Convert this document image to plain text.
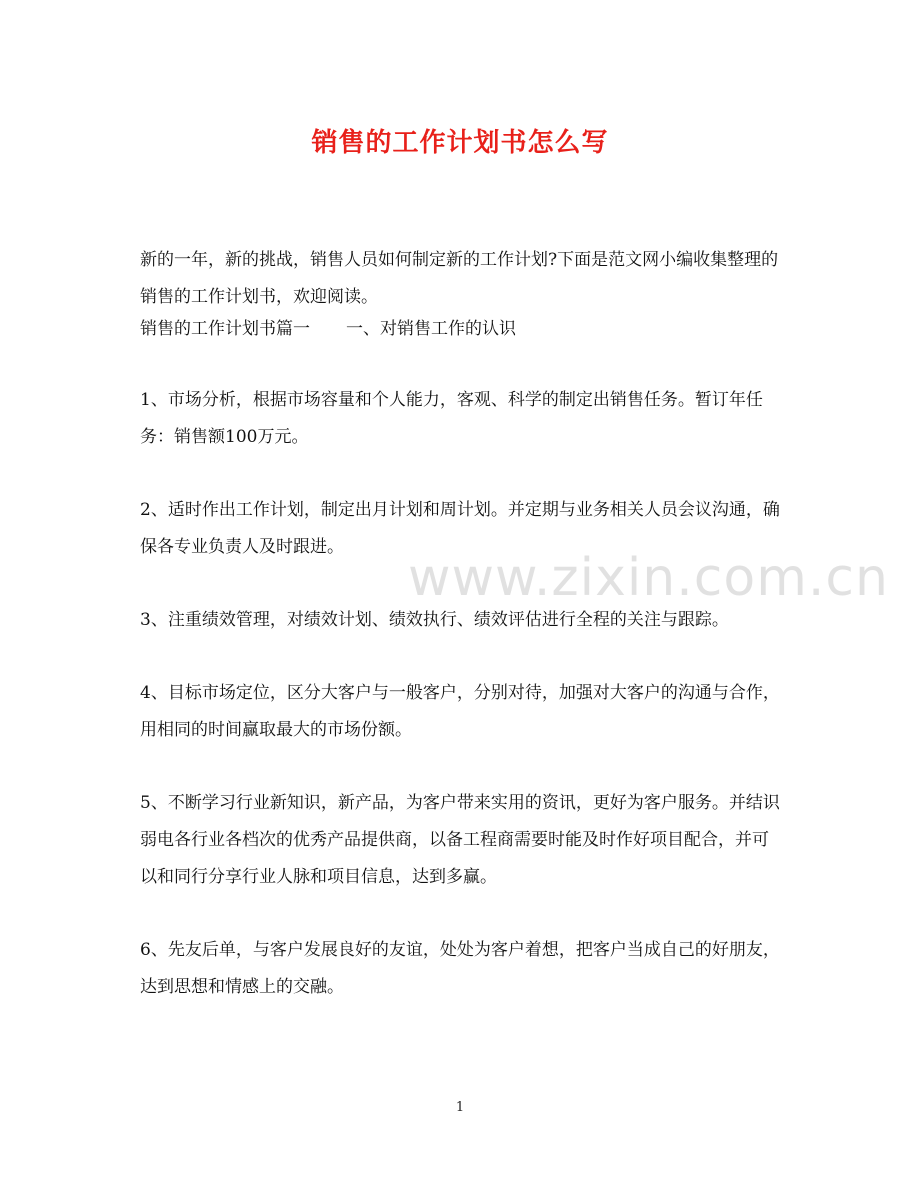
销售的工作计划书怎么写

新的一年，新的挑战，销售人员如何制定新的工作计划?下面是范文网小编收集整理的销售的工作计划书，欢迎阅读。

销售的工作计划书篇一 一、对销售工作的认识

1、市场分析，根据市场容量和个人能力，客观、科学的制定出销售任务。暂订年任务：销售额100万元。

2、适时作出工作计划，制定出月计划和周计划。并定期与业务相关人员会议沟通，确保各专业负责人及时跟进。

3、注重绩效管理，对绩效计划、绩效执行、绩效评估进行全程的关注与跟踪。

4、目标市场定位，区分大客户与一般客户，分别对待，加强对大客户的沟通与合作，用相同的时间赢取最大的市场份额。

5、不断学习行业新知识，新产品，为客户带来实用的资讯，更好为客户服务。并结识弱电各行业各档次的优秀产品提供商，以备工程商需要时能及时作好项目配合，并可以和同行分享行业人脉和项目信息，达到多赢。

6、先友后单，与客户发展良好的友谊，处处为客户着想，把客户当成自己的好朋友，达到思想和情感上的交融。

www.zixin.com.cn
1
